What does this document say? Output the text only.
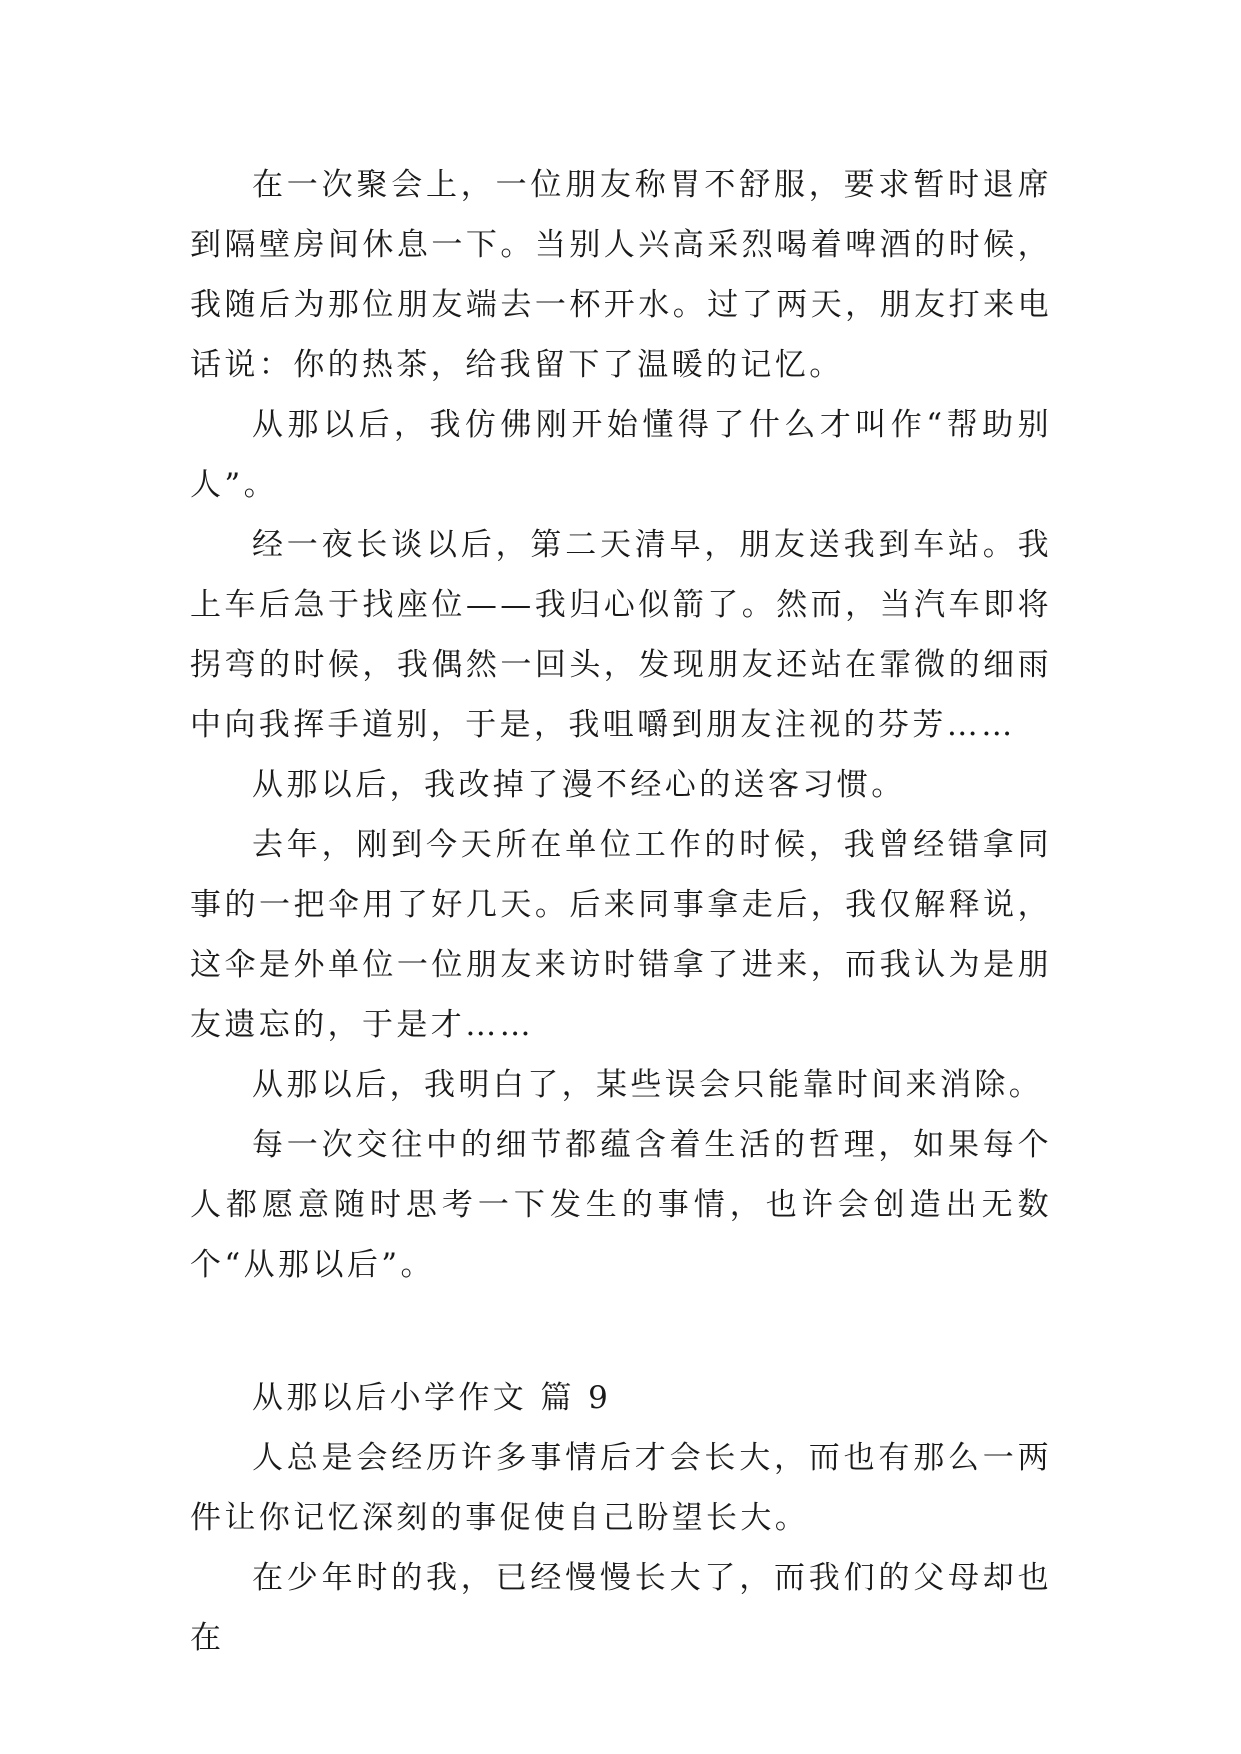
在一次聚会上，一位朋友称胃不舒服，要求暂时退席到隔壁房间休息一下。当别人兴高采烈喝着啤酒的时候，我随后为那位朋友端去一杯开水。过了两天，朋友打来电话说：你的热茶，给我留下了温暖的记忆。

从那以后，我仿佛刚开始懂得了什么才叫作“帮助别人”。

经一夜长谈以后，第二天清早，朋友送我到车站。我上车后急于找座位——我归心似箭了。然而，当汽车即将拐弯的时候，我偶然一回头，发现朋友还站在霏微的细雨中向我挥手道别，于是，我咀嚼到朋友注视的芬芳……

从那以后，我改掉了漫不经心的送客习惯。

去年，刚到今天所在单位工作的时候，我曾经错拿同事的一把伞用了好几天。后来同事拿走后，我仅解释说，这伞是外单位一位朋友来访时错拿了进来，而我认为是朋友遗忘的，于是才……

从那以后，我明白了，某些误会只能靠时间来消除。

每一次交往中的细节都蕴含着生活的哲理，如果每个人都愿意随时思考一下发生的事情，也许会创造出无数个“从那以后”。

从那以后小学作文 篇 9

人总是会经历许多事情后才会长大，而也有那么一两件让你记忆深刻的事促使自己盼望长大。

在少年时的我，已经慢慢长大了，而我们的父母却也在
